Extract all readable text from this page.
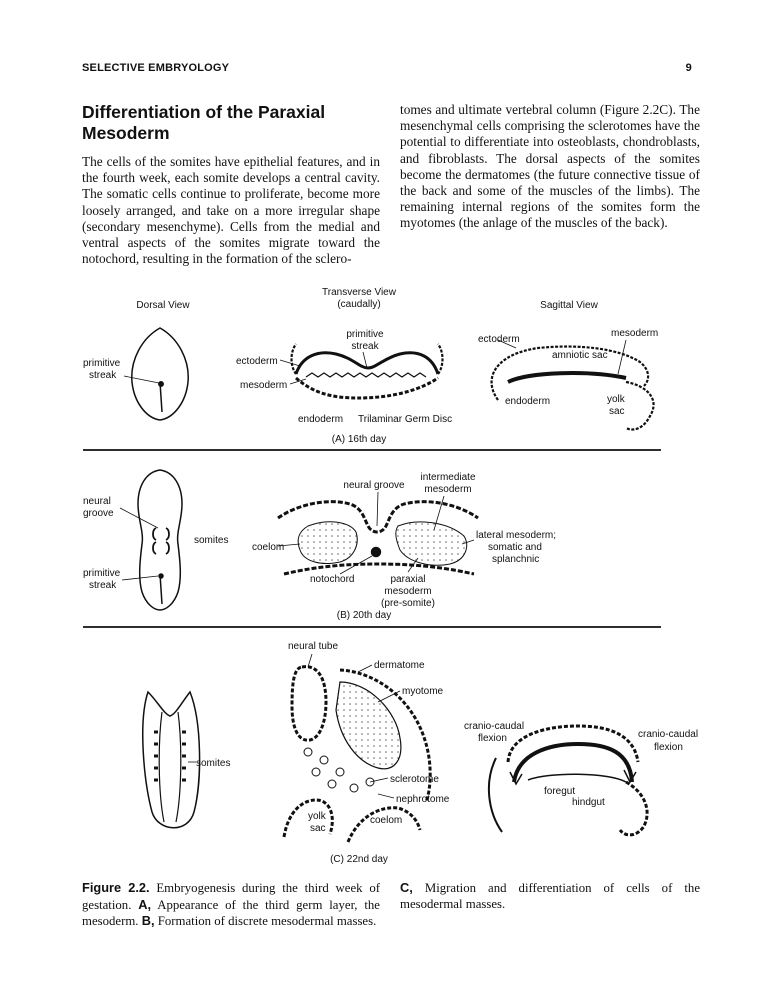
SELECTIVE EMBRYOLOGY	9
Differentiation of the Paraxial Mesoderm

The cells of the somites have epithelial features, and in the fourth week, each somite develops a central cavity. The somatic cells continue to proliferate, become more loosely arranged, and take on a more irregular shape (secondary mesenchyme). Cells from the medial and ventral aspects of the somites migrate toward the notochord, resulting in the formation of the sclero-

tomes and ultimate vertebral column (Figure 2.2C). The mesenchymal cells comprising the sclerotomes have the potential to differentiate into osteoblasts, chondroblasts, and fibroblasts. The dorsal aspects of the somites become the dermatomes (the future connective tissue of the back and some of the muscles of the limbs). The remaining internal regions of the somites form the myotomes (the anlage of the muscles of the back).

Dorsal View
Transverse View
(caudally)	Sagittal View
primitive
streak
primitive
streak
ectoderm
mesoderm
endoderm Trilaminar Germ Disc
(A) 16th day
ectoderm
mesoderm
amniotic sac
endoderm	yolk
sac
neural
groove
somites
primitive
streak
neural groove
intermediate
mesoderm
coelom
lateral mesoderm;
somatic and
splanchnic
notochord	paraxial
mesoderm
(pre-somite)
(B) 20th day
somites
neural tube
dermatome
myotome
sclerotome
nephrotome
yolk
sac
coelom
cranio-caudal
flexion	cranio-caudal
flexion
foregut
hindgut
(C) 22nd day
Figure 2.2. Embryogenesis during the third week of gestation. A, Appearance of the third germ layer, the mesoderm. B, Formation of discrete mesodermal masses.
C, Migration and differentiation of cells of the mesodermal masses.
